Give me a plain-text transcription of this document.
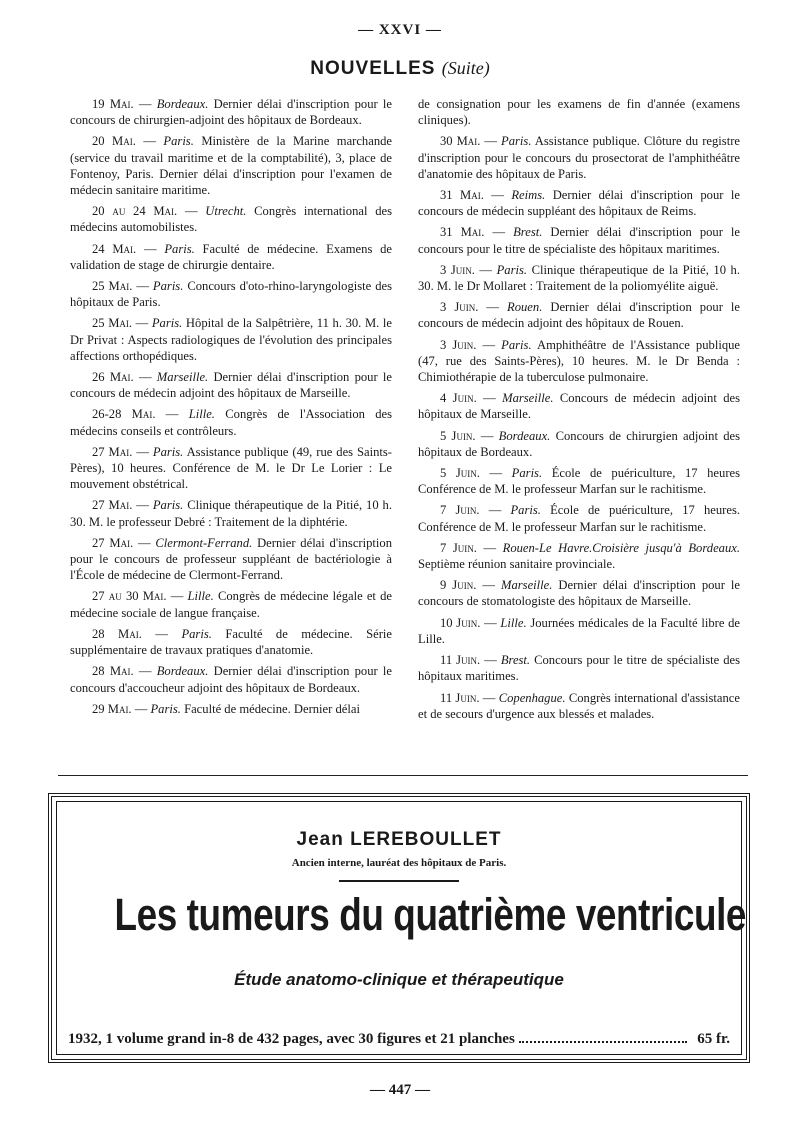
— XXVI —
NOUVELLES (Suite)

19 Mai. — Bordeaux. Dernier délai d'inscription pour le concours de chirurgien-adjoint des hôpitaux de Bordeaux.

20 Mai. — Paris. Ministère de la Marine marchande (service du travail maritime et de la comptabilité), 3, place de Fontenoy, Paris. Dernier délai d'inscription pour l'examen de médecin sanitaire maritime.

20 au 24 Mai. — Utrecht. Congrès international des médecins automobilistes.

24 Mai. — Paris. Faculté de médecine. Examens de validation de stage de chirurgie dentaire.

25 Mai. — Paris. Concours d'oto-rhino-laryngologiste des hôpitaux de Paris.

25 Mai. — Paris. Hôpital de la Salpêtrière, 11 h. 30. M. le Dr Privat : Aspects radiologiques de l'évolution des principales affections orthopédiques.

26 Mai. — Marseille. Dernier délai d'inscription pour le concours de médecin adjoint des hôpitaux de Marseille.

26-28 Mai. — Lille. Congrès de l'Association des médecins conseils et contrôleurs.

27 Mai. — Paris. Assistance publique (49, rue des Saints-Pères), 10 heures. Conférence de M. le Dr Le Lorier : Le mouvement obstétrical.

27 Mai. — Paris. Clinique thérapeutique de la Pitié, 10 h. 30. M. le professeur Debré : Traitement de la diphtérie.

27 Mai. — Clermont-Ferrand. Dernier délai d'inscription pour le concours de professeur suppléant de bactériologie à l'École de médecine de Clermont-Ferrand.

27 au 30 Mai. — Lille. Congrès de médecine légale et de médecine sociale de langue française.

28 Mai. — Paris. Faculté de médecine. Série supplémentaire de travaux pratiques d'anatomie.

28 Mai. — Bordeaux. Dernier délai d'inscription pour le concours d'accoucheur adjoint des hôpitaux de Bordeaux.

29 Mai. — Paris. Faculté de médecine. Dernier délai

de consignation pour les examens de fin d'année (examens cliniques).

30 Mai. — Paris. Assistance publique. Clôture du registre d'inscription pour le concours du prosectorat de l'amphithéâtre d'anatomie des hôpitaux de Paris.

31 Mai. — Reims. Dernier délai d'inscription pour le concours de médecin suppléant des hôpitaux de Reims.

31 Mai. — Brest. Dernier délai d'inscription pour le concours pour le titre de spécialiste des hôpitaux maritimes.

3 Juin. — Paris. Clinique thérapeutique de la Pitié, 10 h. 30. M. le Dr Mollaret : Traitement de la poliomyélite aiguë.

3 Juin. — Rouen. Dernier délai d'inscription pour le concours de médecin adjoint des hôpitaux de Rouen.

3 Juin. — Paris. Amphithéâtre de l'Assistance publique (47, rue des Saints-Pères), 10 heures. M. le Dr Benda : Chimiothérapie de la tuberculose pulmonaire.

4 Juin. — Marseille. Concours de médecin adjoint des hôpitaux de Marseille.

5 Juin. — Bordeaux. Concours de chirurgien adjoint des hôpitaux de Bordeaux.

5 Juin. — Paris. École de puériculture, 17 heures Conférence de M. le professeur Marfan sur le rachitisme.

7 Juin. — Paris. École de puériculture, 17 heures. Conférence de M. le professeur Marfan sur le rachitisme.

7 Juin. — Rouen-Le Havre.Croisière jusqu'à Bordeaux. Septième réunion sanitaire provinciale.

9 Juin. — Marseille. Dernier délai d'inscription pour le concours de stomatologiste des hôpitaux de Marseille.

10 Juin. — Lille. Journées médicales de la Faculté libre de Lille.

11 Juin. — Brest. Concours pour le titre de spécialiste des hôpitaux maritimes.

11 Juin. — Copenhague. Congrès international d'assistance et de secours d'urgence aux blessés et malades.

Jean LEREBOULLET
Ancien interne, lauréat des hôpitaux de Paris.
Les tumeurs du quatrième ventricule
Étude anatomo-clinique et thérapeutique
1932, 1 volume grand in-8 de 432 pages, avec 30 figures et 21 planches	65 fr.
— 447 —
